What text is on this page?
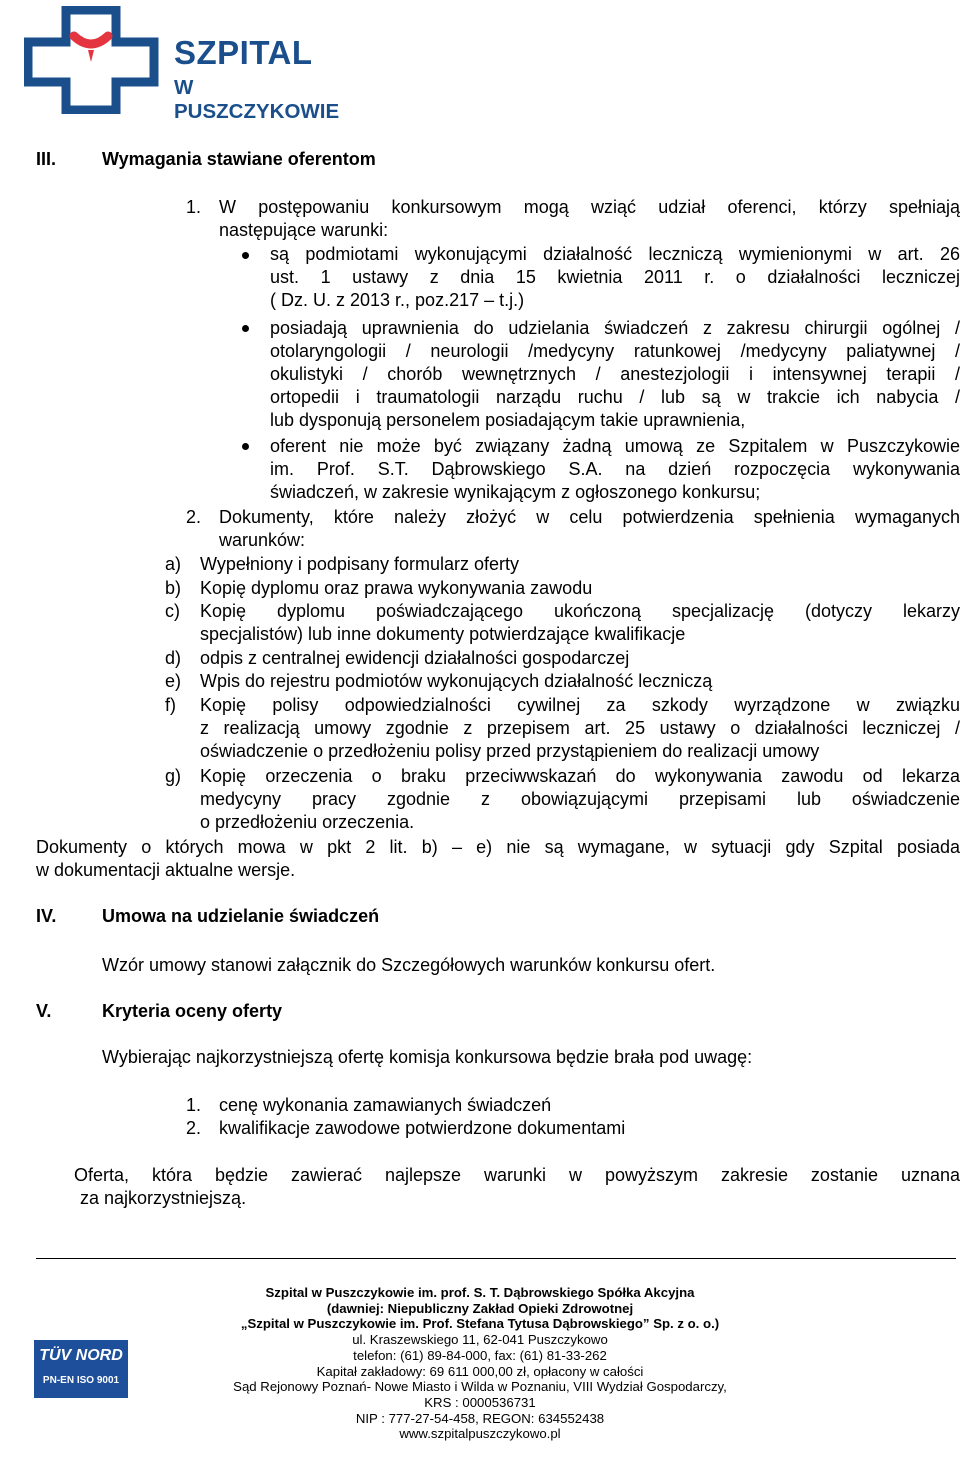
SZPITAL
W PUSZCZYKOWIE
III.	Wymagania stawiane oferentom
1. W postępowaniu konkursowym mogą wziąć udział oferenci, którzy spełniają
następujące warunki:
są podmiotami wykonującymi działalność leczniczą wymienionymi w art. 26
ust. 1 ustawy z dnia 15 kwietnia 2011 r. o działalności leczniczej
( Dz. U. z 2013 r., poz.217 – t.j.)
posiadają uprawnienia do udzielania świadczeń z zakresu chirurgii ogólnej /
otolaryngologii / neurologii /medycyny ratunkowej /medycyny paliatywnej /
okulistyki / chorób wewnętrznych / anestezjologii i intensywnej terapii /
ortopedii i traumatologii narządu ruchu / lub są w trakcie ich nabycia /
lub dysponują personelem posiadającym takie uprawnienia,
oferent nie może być związany żadną umową ze Szpitalem w Puszczykowie
im. Prof. S.T. Dąbrowskiego S.A. na dzień rozpoczęcia wykonywania
świadczeń, w zakresie wynikającym z ogłoszonego konkursu;
2. Dokumenty, które należy złożyć w celu potwierdzenia spełnienia wymaganych
warunków:
a) Wypełniony i podpisany formularz oferty
b) Kopię dyplomu oraz prawa wykonywania zawodu
c) Kopię dyplomu poświadczającego ukończoną specjalizację (dotyczy lekarzy
specjalistów) lub inne dokumenty potwierdzające kwalifikacje
d) odpis z centralnej ewidencji działalności gospodarczej
e) Wpis do rejestru podmiotów wykonujących działalność leczniczą
f) Kopię polisy odpowiedzialności cywilnej za szkody wyrządzone w związku
z realizacją umowy zgodnie z przepisem art. 25 ustawy o działalności leczniczej /
oświadczenie o przedłożeniu polisy przed przystąpieniem do realizacji umowy
g) Kopię orzeczenia o braku przeciwwskazań do wykonywania zawodu od lekarza
medycyny pracy zgodnie z obowiązującymi przepisami lub oświadczenie
o przedłożeniu orzeczenia.
Dokumenty o których mowa w pkt 2 lit. b) – e) nie są wymagane, w sytuacji gdy Szpital posiada
w dokumentacji aktualne wersje.
IV.	Umowa na udzielanie świadczeń
Wzór umowy stanowi załącznik do Szczegółowych warunków konkursu ofert.
V.	Kryteria oceny oferty
Wybierając najkorzystniejszą ofertę komisja konkursowa będzie brała pod uwagę:
1. cenę wykonania zamawianych świadczeń
2. kwalifikacje zawodowe potwierdzone dokumentami
Oferta, która będzie zawierać najlepsze warunki w powyższym zakresie zostanie uznana
za najkorzystniejszą.
TÜV NORD
PN-EN ISO 9001
Szpital w Puszczykowie im. prof. S. T. Dąbrowskiego Spółka Akcyjna
(dawniej: Niepubliczny Zakład Opieki Zdrowotnej
„Szpital w Puszczykowie im. Prof. Stefana Tytusa Dąbrowskiego” Sp. z o. o.)
ul. Kraszewskiego 11, 62-041 Puszczykowo
telefon: (61) 89-84-000, fax: (61) 81-33-262
Kapitał zakładowy: 69 611 000,00 zł, opłacony w całości
Sąd Rejonowy Poznań- Nowe Miasto i Wilda w Poznaniu, VIII Wydział Gospodarczy,
KRS : 0000536731
NIP : 777-27-54-458, REGON: 634552438
www.szpitalpuszczykowo.pl
